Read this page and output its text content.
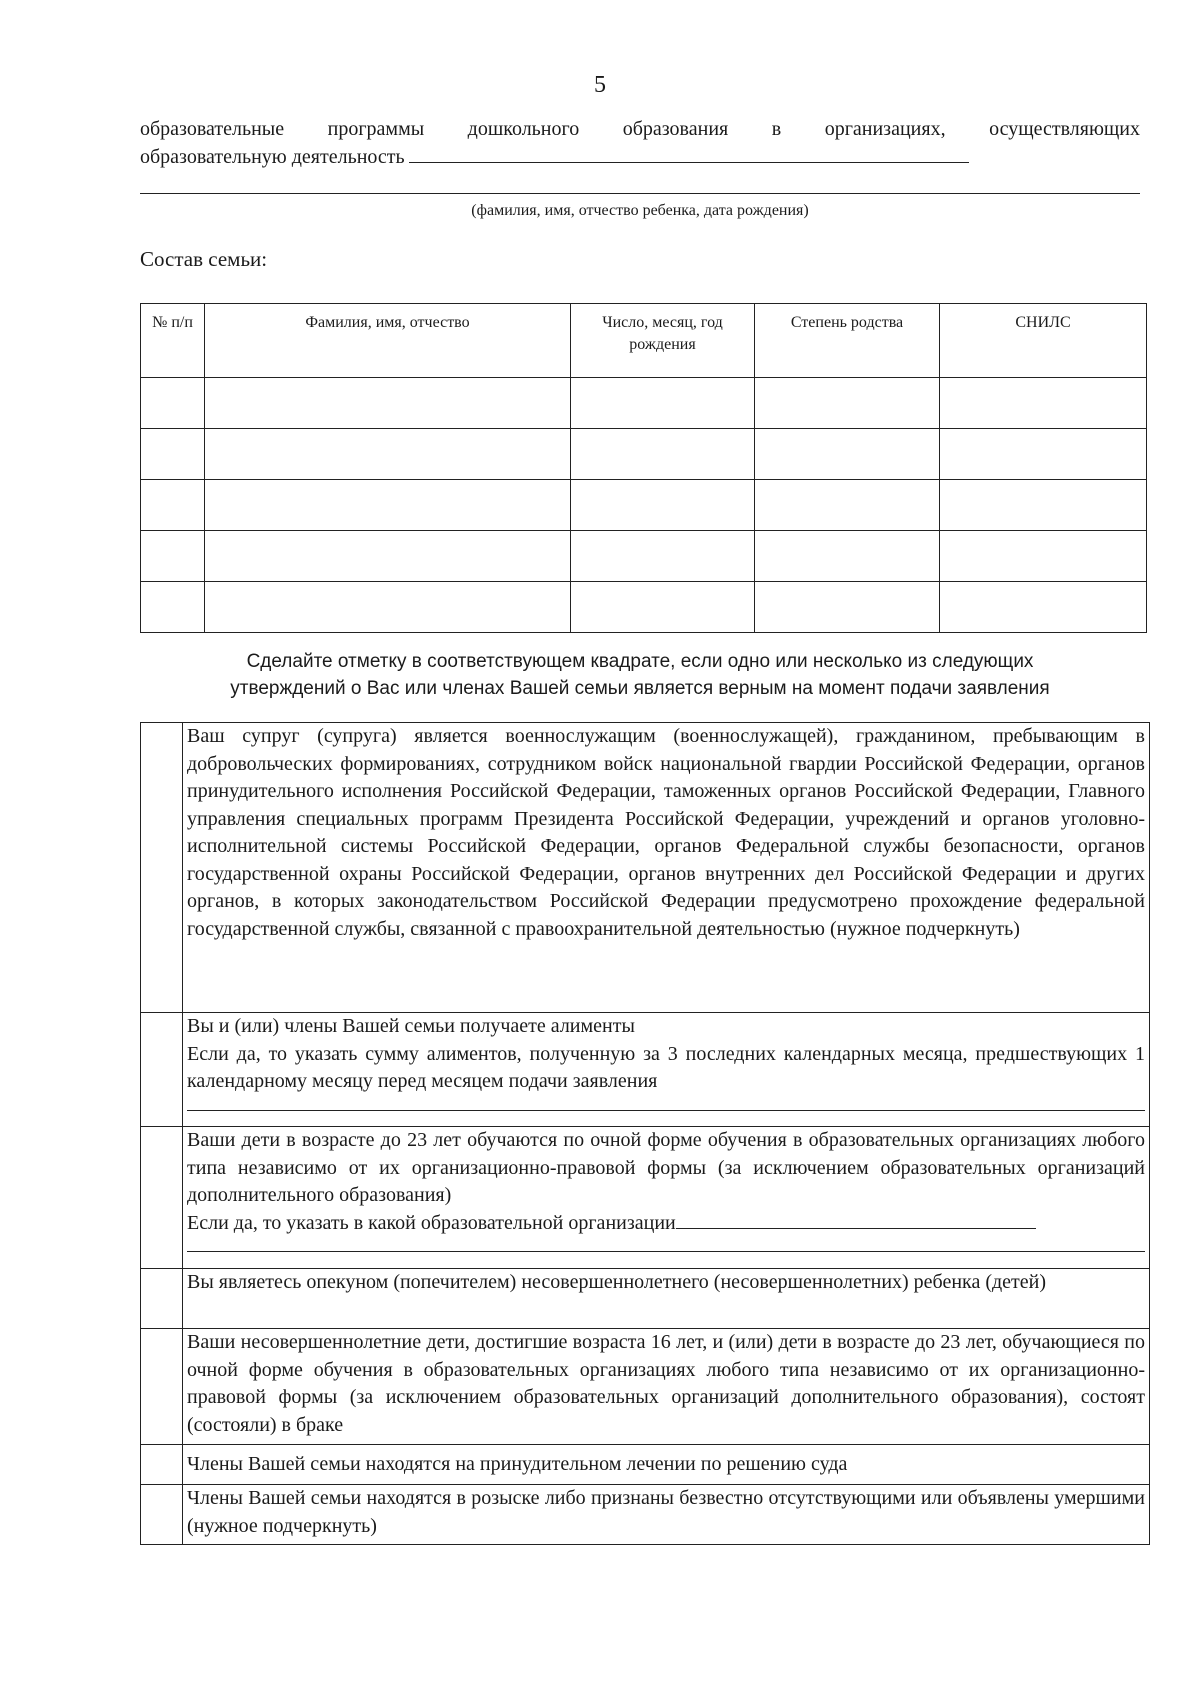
5
образовательные программы дошкольного образования в организациях, осуществляющих
образовательную деятельность
(фамилия, имя, отчество ребенка, дата рождения)
Состав семьи:
№ п/п	Фамилия, имя, отчество	Число, месяц, год рождения	Степень родства	СНИЛС

Сделайте отметку в соответствующем квадрате, если одно или несколько из следующих
утверждений о Вас или членах Вашей семьи является верным на момент подачи заявления
	Ваш супруг (супруга) является военнослужащим (военнослужащей), гражданином, пребывающим в добровольческих формированиях, сотрудником войск национальной гвардии Российской Федерации, органов принудительного исполнения Российской Федерации, таможенных органов Российской Федерации, Главного управления специальных программ Президента Российской Федерации, учреждений и органов уголовно-исполнительной системы Российской Федерации, органов Федеральной службы безопасности, органов государственной охраны Российской Федерации, органов внутренних дел Российской Федерации и других органов, в которых законодательством Российской Федерации предусмотрено прохождение федеральной государственной службы, связанной с правоохранительной деятельностью (нужное подчеркнуть)

	Вы и (или) члены Вашей семьи получаете алименты
Если да, то указать сумму алиментов, полученную за 3 последних календарных месяца, предшествующих 1 календарному месяцу перед месяцем подачи заявления

	Ваши дети в возрасте до 23 лет обучаются по очной форме обучения в образовательных организациях любого типа независимо от их организационно-правовой формы (за исключением образовательных организаций дополнительного образования)
Если да, то указать в какой образовательной организации

	Вы являетесь опекуном (попечителем) несовершеннолетнего (несовершеннолетних) ребенка (детей)
	Ваши несовершеннолетние дети, достигшие возраста 16 лет, и (или) дети в возрасте до 23 лет, обучающиеся по очной форме обучения в образовательных организациях любого типа независимо от их организационно-правовой формы (за исключением образовательных организаций дополнительного образования), состоят (состояли) в браке
	Члены Вашей семьи находятся на принудительном лечении по решению суда
	Члены Вашей семьи находятся в розыске либо признаны безвестно отсутствующими или объявлены умершими (нужное подчеркнуть)
